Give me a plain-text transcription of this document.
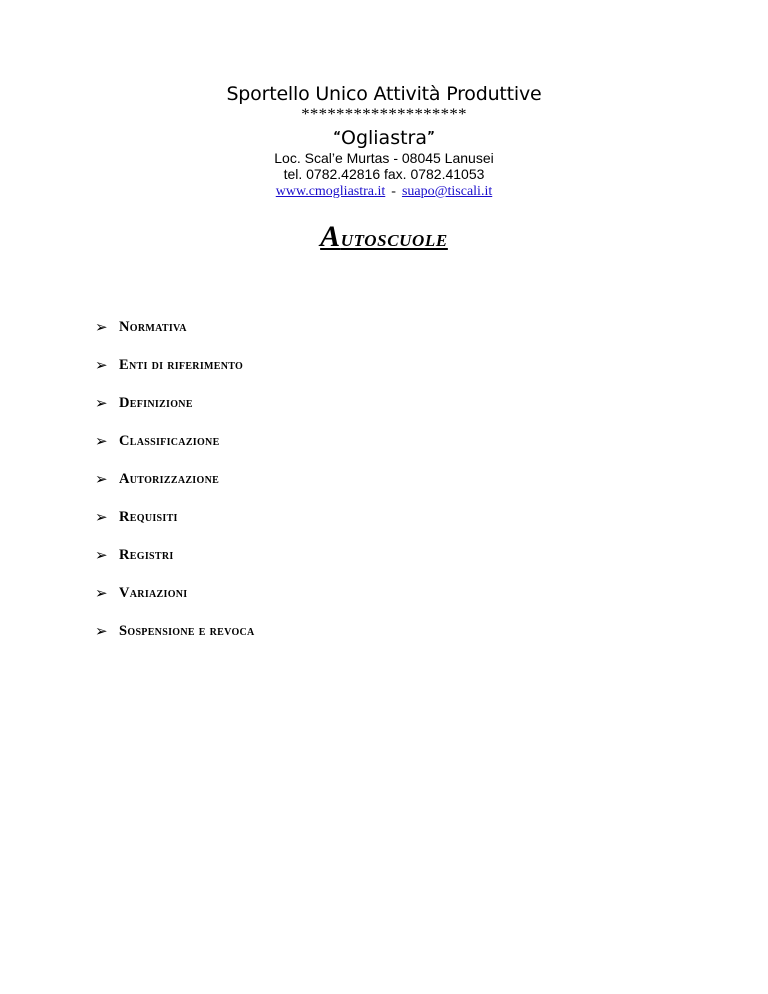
Sportello Unico Attività Produttive
*******************
“Ogliastra”
Loc. Scal’e Murtas - 08045 Lanusei
tel. 0782.42816 fax. 0782.41053
www.cmogliastra.it - suapo@tiscali.it
Autoscuole
➢ Normativa
➢ Enti di riferimento
➢ Definizione
➢ Classificazione
➢ Autorizzazione
➢ Requisiti
➢ Registri
➢ Variazioni
➢ Sospensione e revoca
